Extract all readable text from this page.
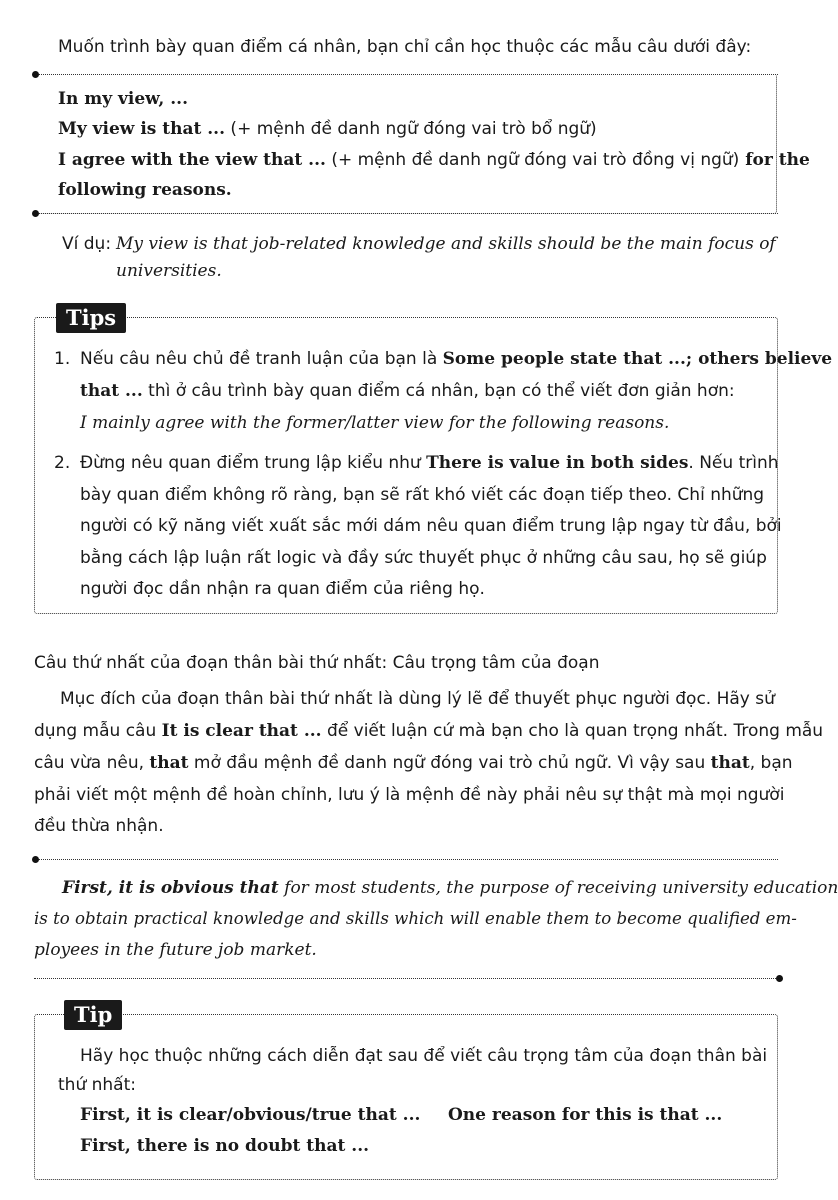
Muốn trình bày quan điểm cá nhân, bạn chỉ cần học thuộc các mẫu câu dưới đây:
In my view, ...
My view is that ... (+ mệnh đề danh ngữ đóng vai trò bổ ngữ)
I agree with the view that ... (+ mệnh đề danh ngữ đóng vai trò đồng vị ngữ) for the
following reasons.
Ví dụ: My view is that job-related knowledge and skills should be the main focus of
universities.
Tips
1. Nếu câu nêu chủ đề tranh luận của bạn là Some people state that ...; others believe
that ... thì ở câu trình bày quan điểm cá nhân, bạn có thể viết đơn giản hơn:
I mainly agree with the former/latter view for the following reasons.
2. Đừng nêu quan điểm trung lập kiểu như There is value in both sides. Nếu trình
bày quan điểm không rõ ràng, bạn sẽ rất khó viết các đoạn tiếp theo. Chỉ những
người có kỹ năng viết xuất sắc mới dám nêu quan điểm trung lập ngay từ đầu, bởi
bằng cách lập luận rất logic và đầy sức thuyết phục ở những câu sau, họ sẽ giúp
người đọc dần nhận ra quan điểm của riêng họ.
Câu thứ nhất của đoạn thân bài thứ nhất: Câu trọng tâm của đoạn
Mục đích của đoạn thân bài thứ nhất là dùng lý lẽ để thuyết phục người đọc. Hãy sử
dụng mẫu câu It is clear that ... để viết luận cứ mà bạn cho là quan trọng nhất. Trong mẫu
câu vừa nêu, that mở đầu mệnh đề danh ngữ đóng vai trò chủ ngữ. Vì vậy sau that, bạn
phải viết một mệnh đề hoàn chỉnh, lưu ý là mệnh đề này phải nêu sự thật mà mọi người
đều thừa nhận.
First, it is obvious that for most students, the purpose of receiving university education
is to obtain practical knowledge and skills which will enable them to become qualified em-
ployees in the future job market.
Tip
Hãy học thuộc những cách diễn đạt sau để viết câu trọng tâm của đoạn thân bài
thứ nhất:
First, it is clear/obvious/true that ... One reason for this is that ...
First, there is no doubt that ...
